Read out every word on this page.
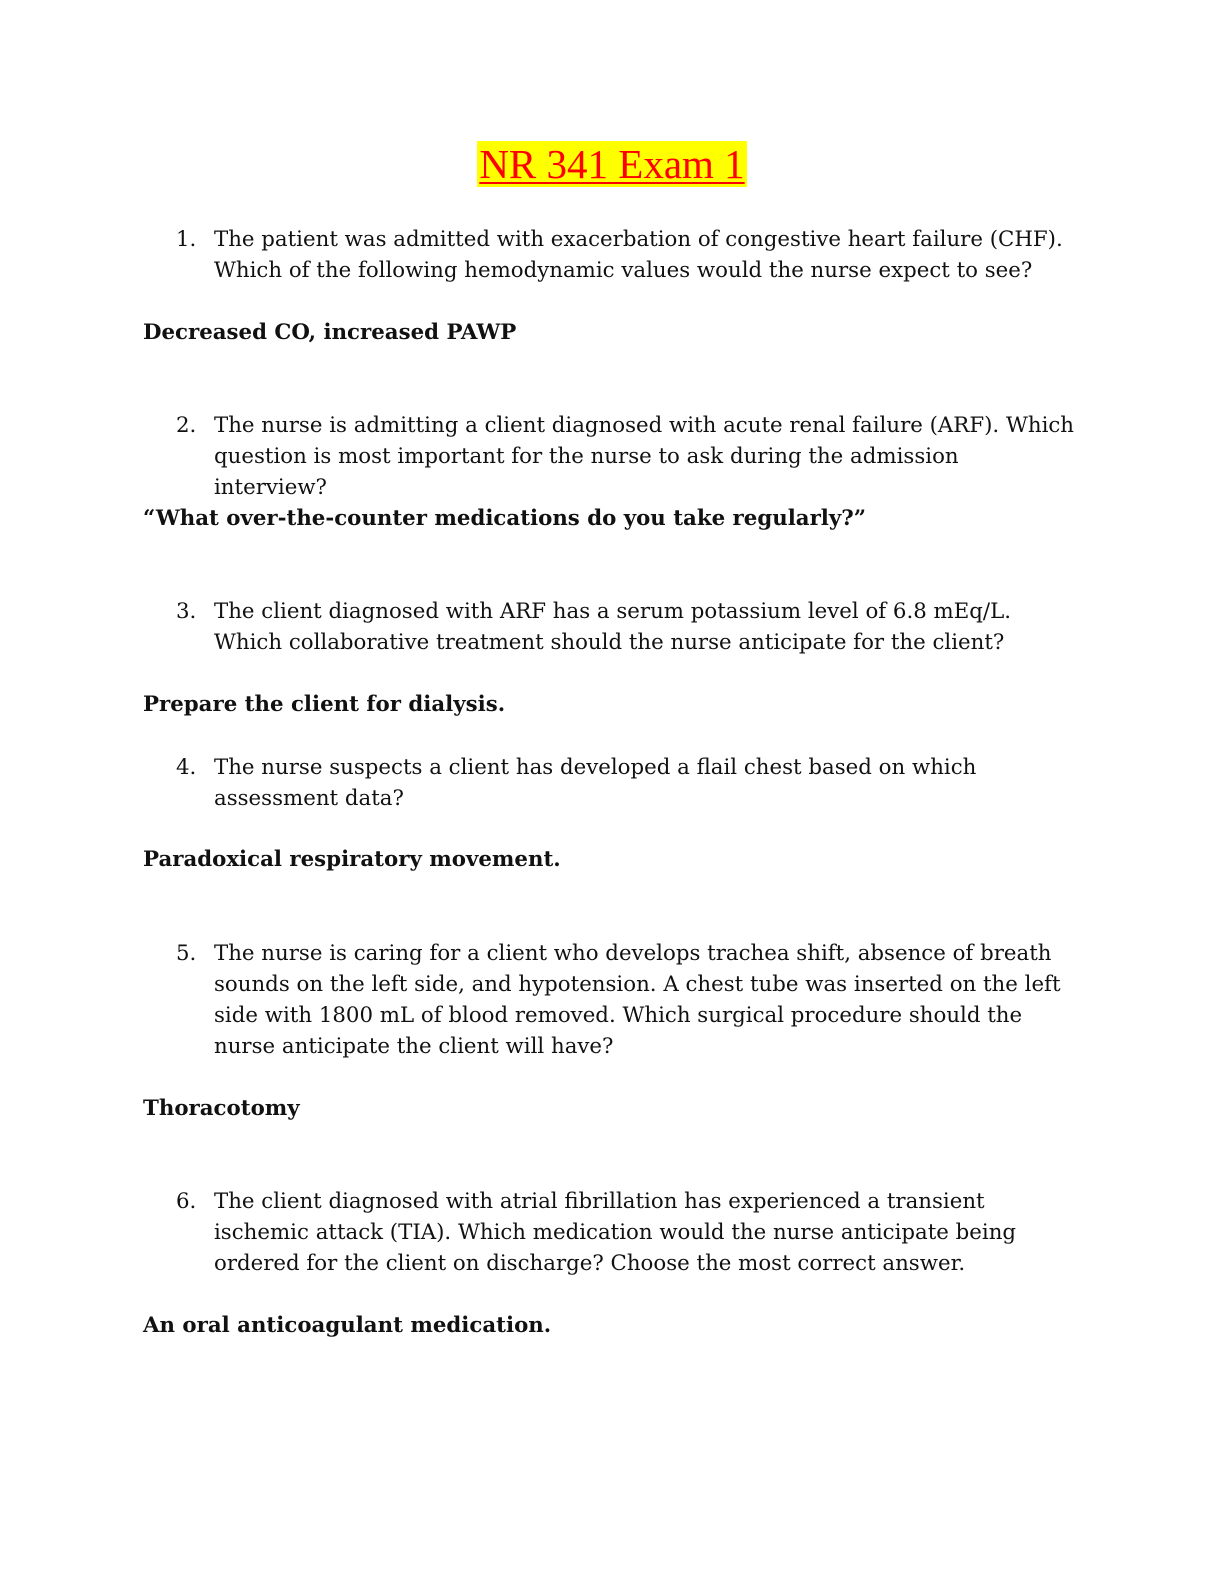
NR 341 Exam 1
1. The patient was admitted with exacerbation of congestive heart failure (CHF). Which of the following hemodynamic values would the nurse expect to see?
Decreased CO, increased PAWP
2. The nurse is admitting a client diagnosed with acute renal failure (ARF). Which question is most important for the nurse to ask during the admission interview?
“What over-the-counter medications do you take regularly?”
3. The client diagnosed with ARF has a serum potassium level of 6.8 mEq/L. Which collaborative treatment should the nurse anticipate for the client?
Prepare the client for dialysis.
4. The nurse suspects a client has developed a flail chest based on which assessment data?
Paradoxical respiratory movement.
5. The nurse is caring for a client who develops trachea shift, absence of breath sounds on the left side, and hypotension. A chest tube was inserted on the left side with 1800 mL of blood removed. Which surgical procedure should the nurse anticipate the client will have?
Thoracotomy
6. The client diagnosed with atrial fibrillation has experienced a transient ischemic attack (TIA). Which medication would the nurse anticipate being ordered for the client on discharge? Choose the most correct answer.
An oral anticoagulant medication.
